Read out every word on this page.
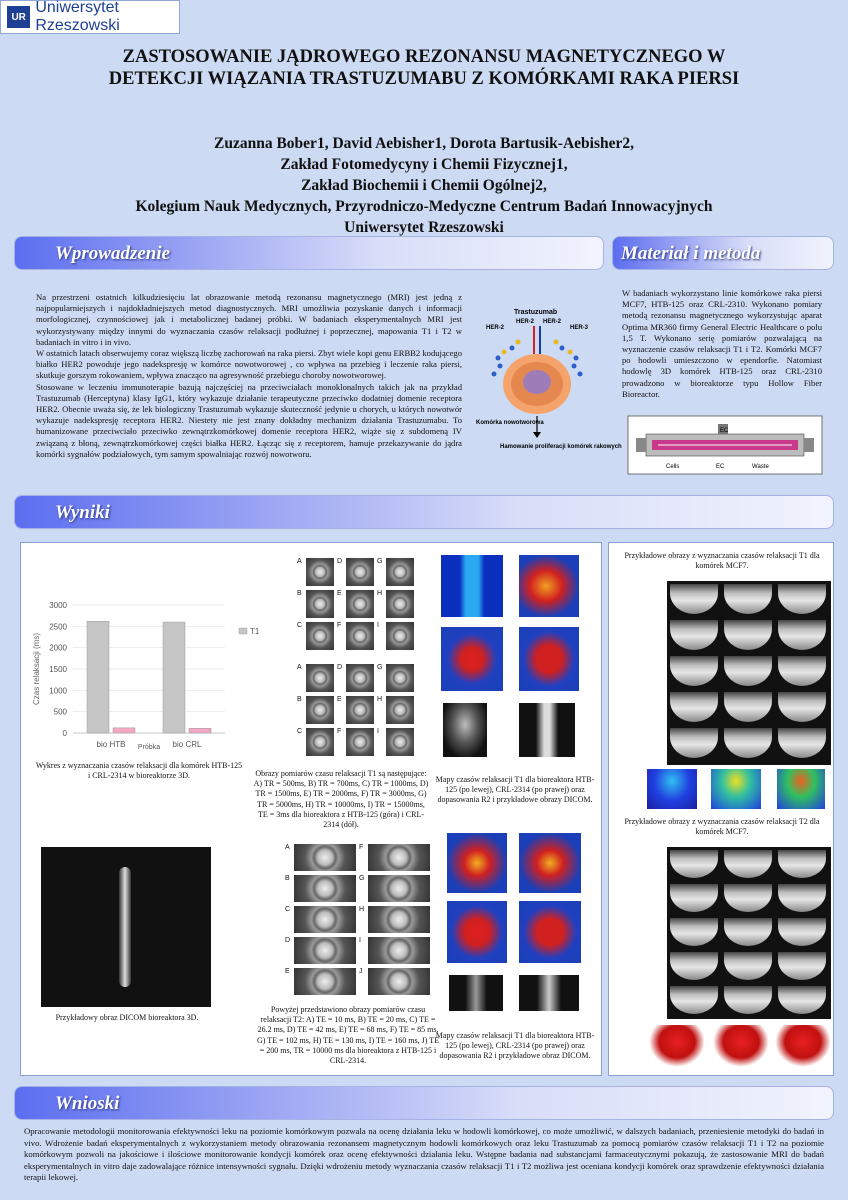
UR
Uniwersytet Rzeszowski
ZASTOSOWANIE JĄDROWEGO REZONANSU MAGNETYCZNEGO W DETEKCJI WIĄZANIA TRASTUZUMABU Z KOMÓRKAMI RAKA PIERSI
Zuzanna Bober1, David Aebisher1, Dorota Bartusik-Aebisher2,
Zakład Fotomedycyny i Chemii Fizycznej1,
Zakład Biochemii i Chemii Ogólnej2,
Kolegium Nauk Medycznych, Przyrodniczo-Medyczne Centrum Badań Innowacyjnych
Uniwersytet Rzeszowski
Wprowadzenie	Materiał i metoda

Na przestrzeni ostatnich kilkudziesięciu lat obrazowanie metodą rezonansu magnetycznego (MRI) jest jedną z najpopularniejszych i najdokładniejszych metod diagnostycznych. MRI umożliwia pozyskanie danych i informacji morfologicznej, czynnościowej jak i metabolicznej badanej próbki. W badaniach eksperymentalnych MRI jest wykorzystywany między innymi do wyznaczania czasów relaksacji podłużnej i poprzecznej, mapowania T1 i T2 w badaniach in vitro i in vivo.

W ostatnich latach obserwujemy coraz większą liczbę zachorowań na raka piersi. Zbyt wiele kopi genu ERBB2 kodującego białko HER2 powoduje jego nadekspresję w komórce nowotworowej , co wpływa na przebieg i leczenie raka piersi, skutkuje gorszym rokowaniem, wpływa znacząco na agresywność przebiegu choroby nowotworowej.

Stosowane w leczeniu immunoterapie bazują najczęściej na przeciwciałach monoklonalnych takich jak na przykład Trastuzumab (Herceptyna) klasy IgG1, który wykazuje działanie terapeutyczne przeciwko dodatniej domenie receptora HER2. Obecnie uważa się, że lek biologiczny Trastuzumab wykazuje skuteczność jedynie u chorych, u których nowotwór wykazuje nadekspresję receptora HER2. Niestety nie jest znany dokładny mechanizm działania Trastuzumabu. To humanizowane przeciwciało przeciwko zewnątrzkomórkowej domenie receptora HER2, wiąże się z subdomeną IV związaną z błoną, zewnątrzkomórkowej części białka HER2. Łącząc się z receptorem, hamuje przekazywanie do jądra komórki sygnałów podziałowych, tym samym spowalniając rozwój nowotworu.

Trastuzumab
HER-2
HER-2 HER-2
HER-3
Komórka nowotworowa
Hamowanie proliferacji komórek rakowych
W badaniach wykorzystano linie komórkowe raka piersi MCF7, HTB-125 oraz CRL-2310. Wykonano pomiary metodą rezonansu magnetycznego wykorzystując aparat Optima MR360 firmy General Electric Healthcare o polu 1,5 T. Wykonano serię pomiarów pozwalającą na wyznaczenie czasów relaksacji T1 i T2. Komórki MCF7 po hodowli umieszczono w ependorfie. Natomiast hodowlę 3D komórek HTB-125 oraz CRL-2310 prowadzono w bioreaktorze typu Hollow Fiber Bioreactor.
EC
Cells	EC	Waste
Wyniki
0
500
1000
1500
2000
2500
3000
bio HTB	bio CRL
Próbka
Czas relaksacji (ms)
T1
Wykres z wyznaczania czasów relaksacji dla komórek HTB-125 i CRL-2314 w bioreaktorze 3D.
A	D	G
B	E	H
C	F	I
A	D	G
B	E	H
C	F	I
Obrazy pomiarów czasu relaksacji T1 są następujące: A) TR = 500ms, B) TR = 700ms, C) TR = 1000ms, D) TR = 1500ms, E) TR = 2000ms, F) TR = 3000ms, G) TR = 5000ms, H) TR = 10000ms, I) TR = 15000ms, TE = 3ms dla bioreaktora z HTB-125 (góra) i CRL-2314 (dół).
Mapy czasów relaksacji T1 dla bioreaktora HTB-125 (po lewej), CRL-2314 (po prawej) oraz dopasowania R2 i przykładowe obrazy DICOM.
Przykładowy obraz DICOM bioreaktora 3D.
A	F
B	G
C	H
D	I
E	J
Powyżej przedstawiono obrazy pomiarów czasu relaksacji T2: A) TE = 10 ms, B) TE = 20 ms, C) TE = 26.2 ms, D) TE = 42 ms, E) TE = 68 ms, F) TE = 85 ms, G) TE = 102 ms, H) TE = 130 ms, I) TE = 160 ms, J) TE = 200 ms, TR = 10000 ms dla bioreaktora z HTB-125 i CRL-2314.
Mapy czasów relaksacji T1 dla bioreaktora HTB-125 (po lewej), CRL-2314 (po prawej) oraz dopasowania R2 i przykładowe obraz DICOM.
Przykładowe obrazy z wyznaczania czasów relaksacji T1 dla komórek MCF7.
Przykładowe obrazy z wyznaczania czasów relaksacji T2 dla komórek MCF7.
Wnioski
Opracowanie metodologii monitorowania efektywności leku na poziomie komórkowym pozwala na ocenę działania leku w hodowli komórkowej, co może umożliwić, w dalszych badaniach, przeniesienie metodyki do badań in vivo. Wdrożenie badań eksperymentalnych z wykorzystaniem metody obrazowania rezonansem magnetycznym hodowli komórkowych oraz leku Trastuzumab za pomocą pomiarów czasów relaksacji T1 i T2 na poziomie komórkowym pozwoli na jakościowe i ilościowe monitorowanie kondycji komórek oraz ocenę efektywności działania leku. Wstępne badania nad substancjami farmaceutycznymi pokazują, że zastosowanie MRI do badań eksperymentalnych in vitro daje zadowalające różnice intensywności sygnału. Dzięki wdrożeniu metody wyznaczania czasów relaksacji T1 i T2 możliwa jest oceniana kondycji komórek oraz sprawdzenie efektywności działania terapii lekowej.
